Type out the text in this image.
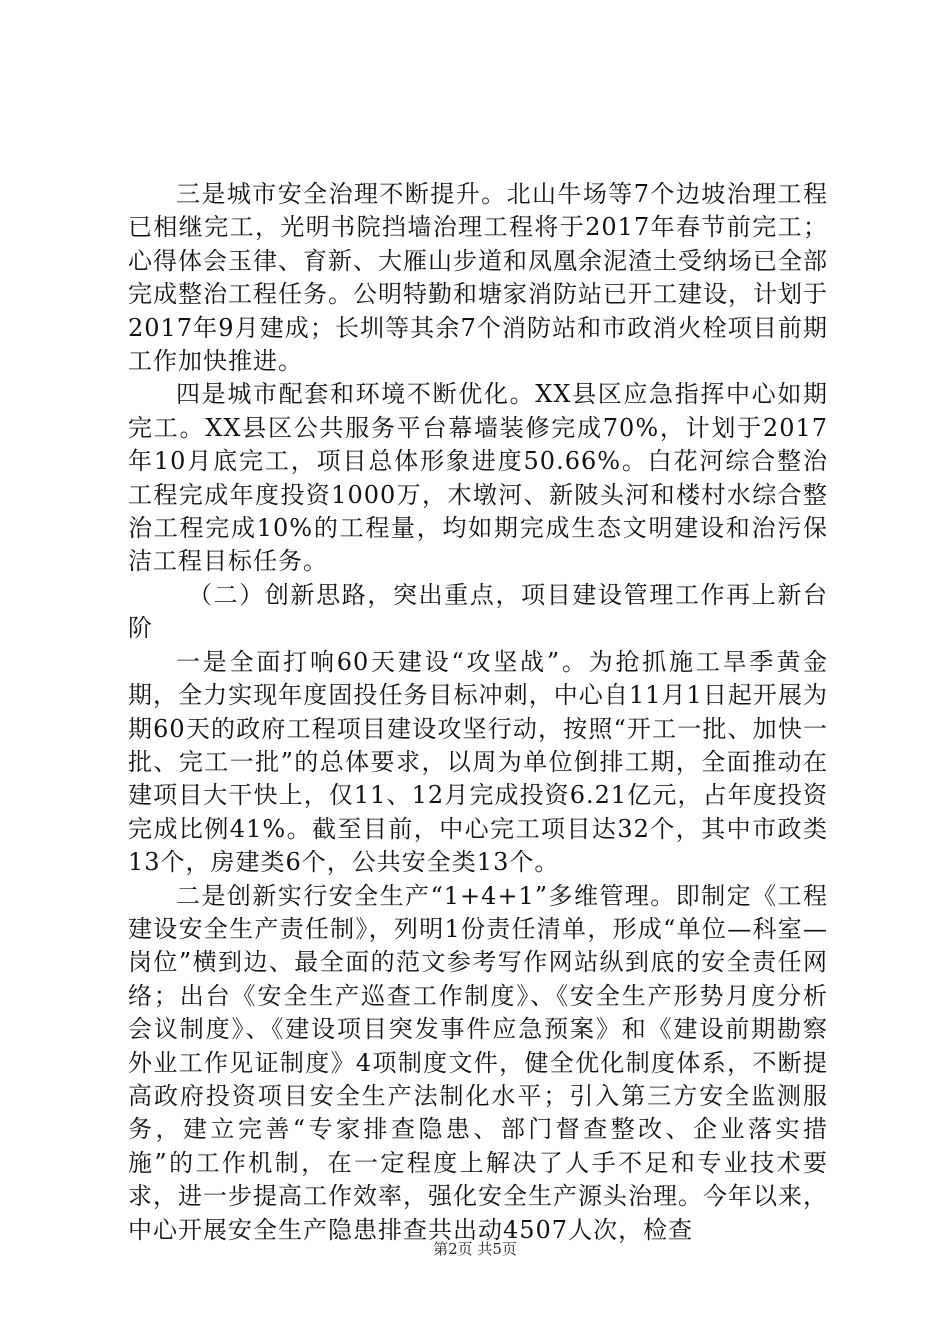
三是城市安全治理不断提升。北山牛场等7个边坡治理工程已相继完工，光明书院挡墙治理工程将于2017年春节前完工；心得体会玉律、育新、大雁山步道和凤凰余泥渣土受纳场已全部完成整治工程任务。公明特勤和塘家消防站已开工建设，计划于2017年9月建成；长圳等其余7个消防站和市政消火栓项目前期工作加快推进。

四是城市配套和环境不断优化。XX县区应急指挥中心如期完工。XX县区公共服务平台幕墙装修完成70%，计划于2017年10月底完工，项目总体形象进度50.66%。白花河综合整治工程完成年度投资1000万，木墩河、新陂头河和楼村水综合整治工程完成10%的工程量，均如期完成生态文明建设和治污保洁工程目标任务。

（二）创新思路，突出重点，项目建设管理工作再上新台阶

一是全面打响60天建设“攻坚战”。为抢抓施工旱季黄金期，全力实现年度固投任务目标冲刺，中心自11月1日起开展为期60天的政府工程项目建设攻坚行动，按照“开工一批、加快一批、完工一批”的总体要求，以周为单位倒排工期，全面推动在建项目大干快上，仅11、12月完成投资6.21亿元，占年度投资完成比例41%。截至目前，中心完工项目达32个，其中市政类13个，房建类6个，公共安全类13个。

二是创新实行安全生产“1+4+1”多维管理。即制定《工程建设安全生产责任制》，列明1份责任清单，形成“单位—科室—岗位”横到边、最全面的范文参考写作网站纵到底的安全责任网络；出台《安全生产巡查工作制度》、《安全生产形势月度分析会议制度》、《建设项目突发事件应急预案》和《建设前期勘察外业工作见证制度》4项制度文件，健全优化制度体系，不断提高政府投资项目安全生产法制化水平；引入第三方安全监测服务，建立完善“专家排查隐患、部门督查整改、企业落实措施”的工作机制，在一定程度上解决了人手不足和专业技术要求，进一步提高工作效率，强化安全生产源头治理。今年以来，中心开展安全生产隐患排查共出动4507人次，检查

第2页 共5页
